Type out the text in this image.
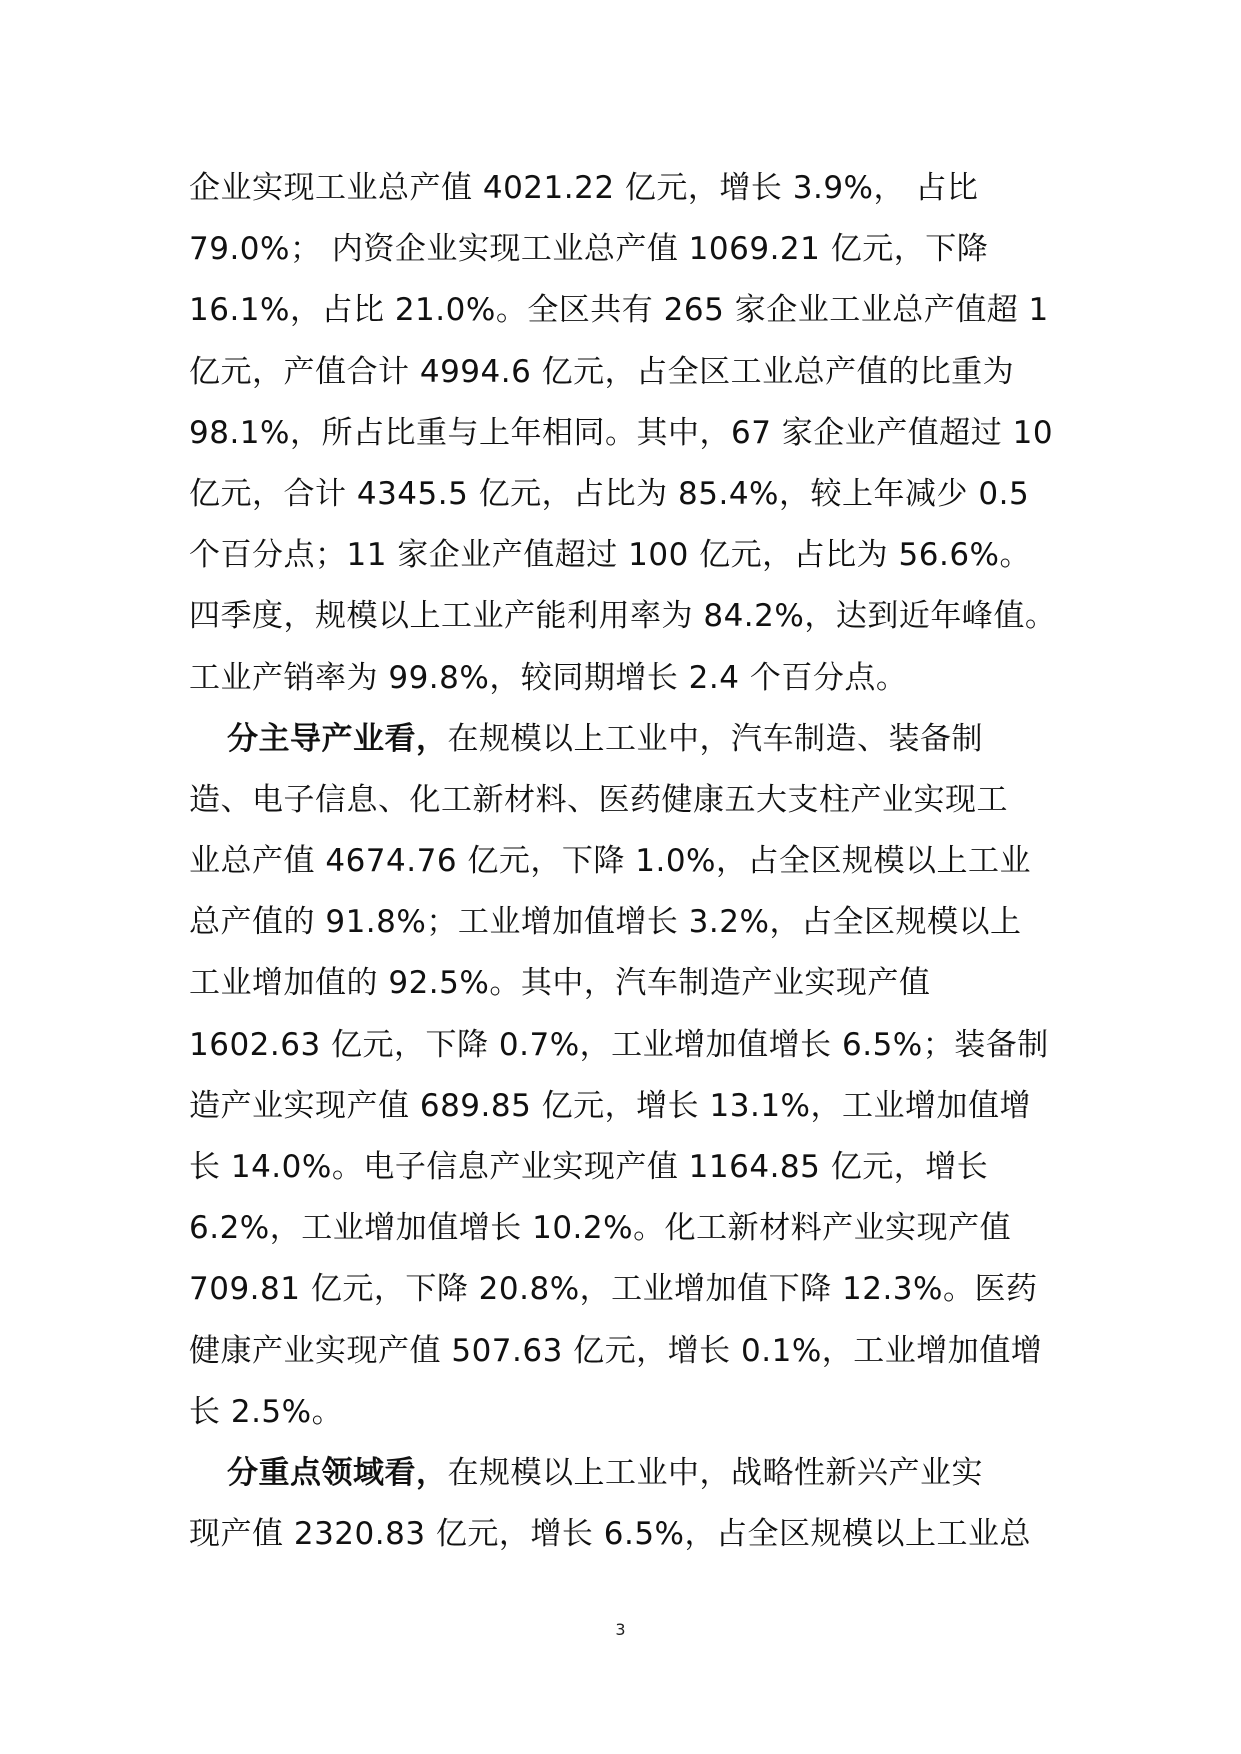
企业实现工业总产值 4021.22 亿元，增长 3.9%， 占比
79.0%； 内资企业实现工业总产值 1069.21 亿元，下降
16.1%，占比 21.0%。全区共有 265 家企业工业总产值超 1
亿元，产值合计 4994.6 亿元，占全区工业总产值的比重为
98.1%，所占比重与上年相同。其中，67 家企业产值超过 10
亿元，合计 4345.5 亿元，占比为 85.4%，较上年减少 0.5
个百分点；11 家企业产值超过 100 亿元，占比为 56.6%。
四季度，规模以上工业产能利用率为 84.2%，达到近年峰值。
工业产销率为 99.8%，较同期增长 2.4 个百分点。
分主导产业看，在规模以上工业中，汽车制造、装备制
造、电子信息、化工新材料、医药健康五大支柱产业实现工
业总产值 4674.76 亿元，下降 1.0%，占全区规模以上工业
总产值的 91.8%；工业增加值增长 3.2%，占全区规模以上
工业增加值的 92.5%。其中，汽车制造产业实现产值
1602.63 亿元，下降 0.7%，工业增加值增长 6.5%；装备制
造产业实现产值 689.85 亿元，增长 13.1%，工业增加值增
长 14.0%。电子信息产业实现产值 1164.85 亿元，增长
6.2%，工业增加值增长 10.2%。化工新材料产业实现产值
709.81 亿元，下降 20.8%，工业增加值下降 12.3%。医药
健康产业实现产值 507.63 亿元，增长 0.1%，工业增加值增
长 2.5%。
分重点领域看，在规模以上工业中，战略性新兴产业实
现产值 2320.83 亿元，增长 6.5%，占全区规模以上工业总
3
